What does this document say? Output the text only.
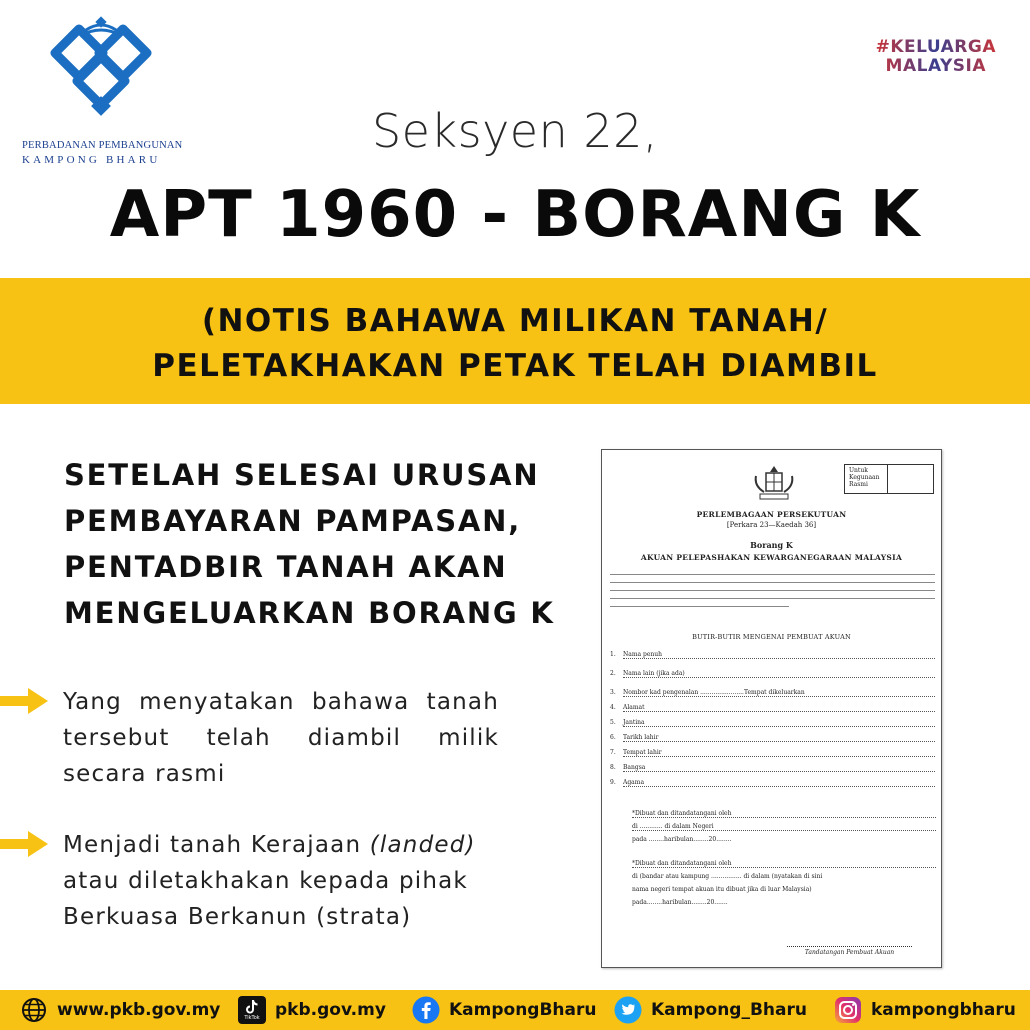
PERBADANAN PEMBANGUNAN
KAMPONG BHARU
#KELUARGA
MALAYSIA
Seksyen 22,
APT 1960 - BORANG K
(NOTIS BAHAWA MILIKAN TANAH/
PELETAKHAKAN PETAK TELAH DIAMBIL
SETELAH SELESAI URUSAN
PEMBAYARAN PAMPASAN,
PENTADBIR TANAH AKAN
MENGELUARKAN BORANG K
Yang menyatakan bahawa tanah tersebut telah diambil milik secara rasmi
Menjadi tanah Kerajaan (landed) atau diletakhakan kepada pihak Berkuasa Berkanun (strata)
Untuk Kegunaan Rasmi
PERLEMBAGAAN PERSEKUTUAN
[Perkara 23—Kaedah 36]
Borang K
AKUAN PELEPASHAKAN KEWARGANEGARAAN MALAYSIA
BUTIR-BUTIR MENGENAI PEMBUAT AKUAN
1. Nama penuh
2. Nama lain (jika ada)
3. Nombor kad pengenalan .......................Tempat dikeluarkan
4. Alamat
5. Jantina
6. Tarikh lahir
7. Tempat lahir
8. Bangsa
9. Agama
*Dibuat dan ditandatangani oleh
di ............ di dalam Negeri
pada ........haribulan........20........
*Dibuat dan ditandatangani oleh
di (bandar atau kampung ................ di dalam (nyatakan di sini
nama negeri tempat akuan itu dibuat jika di luar Malaysia)
pada........haribulan........20.......
Tandatangan Pembuat Akuan
www.pkb.gov.my	TikTok pkb.gov.my	KampongBharu	Kampong_Bharu	kampongbharu
